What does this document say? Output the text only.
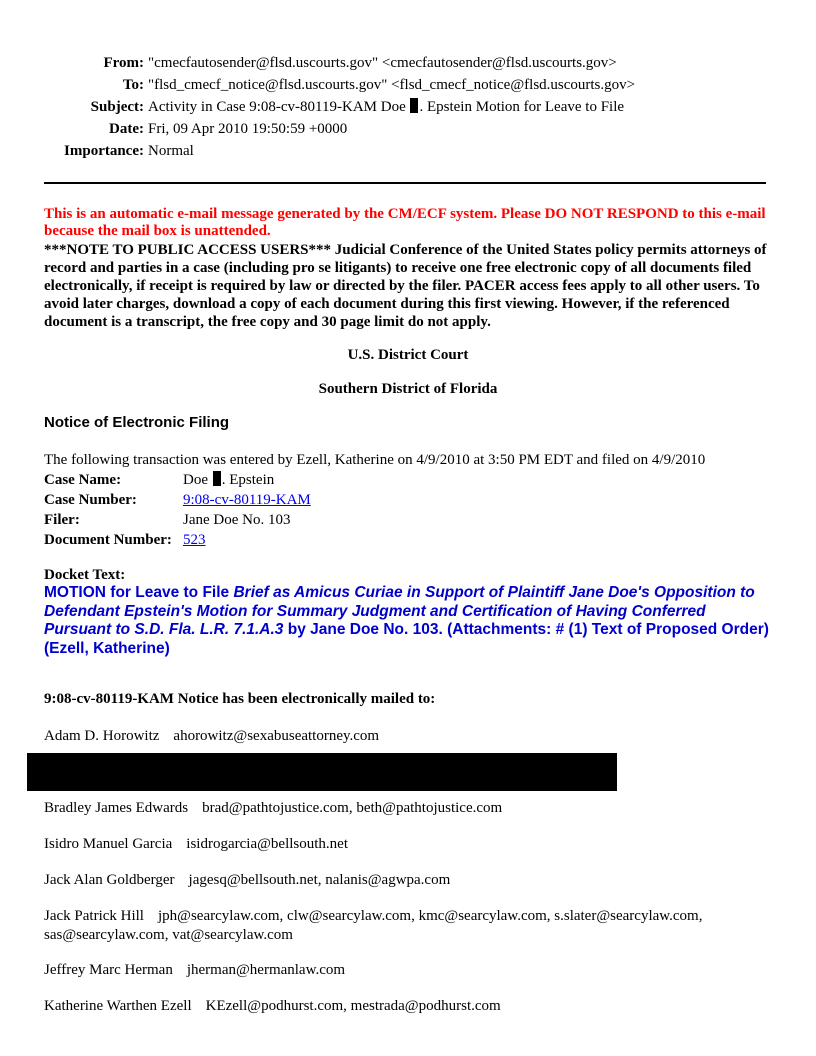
From: "cmecfautosender@flsd.uscourts.gov" <cmecfautosender@flsd.uscourts.gov>
To: "flsd_cmecf_notice@flsd.uscourts.gov" <flsd_cmecf_notice@flsd.uscourts.gov>
Subject: Activity in Case 9:08-cv-80119-KAM Doe . Epstein Motion for Leave to File
Date: Fri, 09 Apr 2010 19:50:59 +0000
Importance: Normal
This is an automatic e-mail message generated by the CM/ECF system. Please DO NOT RESPOND to this e-mail because the mail box is unattended.
***NOTE TO PUBLIC ACCESS USERS*** Judicial Conference of the United States policy permits attorneys of record and parties in a case (including pro se litigants) to receive one free electronic copy of all documents filed electronically, if receipt is required by law or directed by the filer. PACER access fees apply to all other users. To avoid later charges, download a copy of each document during this first viewing. However, if the referenced document is a transcript, the free copy and 30 page limit do not apply.
U.S. District Court
Southern District of Florida
Notice of Electronic Filing
The following transaction was entered by Ezell, Katherine on 4/9/2010 at 3:50 PM EDT and filed on 4/9/2010
Case Name:	Doe . Epstein
Case Number:	9:08-cv-80119-KAM
Filer:	Jane Doe No. 103
Document Number: 523
Docket Text:
MOTION for Leave to File Brief as Amicus Curiae in Support of Plaintiff Jane Doe's Opposition to Defendant Epstein's Motion for Summary Judgment and Certification of Having Conferred Pursuant to S.D. Fla. L.R. 7.1.A.3 by Jane Doe No. 103. (Attachments: # (1) Text of Proposed Order)(Ezell, Katherine)
9:08-cv-80119-KAM Notice has been electronically mailed to:
Adam D. Horowitz ahorowitz@sexabuseattorney.com
Bradley James Edwards brad@pathtojustice.com, beth@pathtojustice.com
Isidro Manuel Garcia isidrogarcia@bellsouth.net
Jack Alan Goldberger jagesq@bellsouth.net, nalanis@agwpa.com
Jack Patrick Hill jph@searcylaw.com, clw@searcylaw.com, kmc@searcylaw.com, s.slater@searcylaw.com, sas@searcylaw.com, vat@searcylaw.com
Jeffrey Marc Herman jherman@hermanlaw.com
Katherine Warthen Ezell KEzell@podhurst.com, mestrada@podhurst.com
